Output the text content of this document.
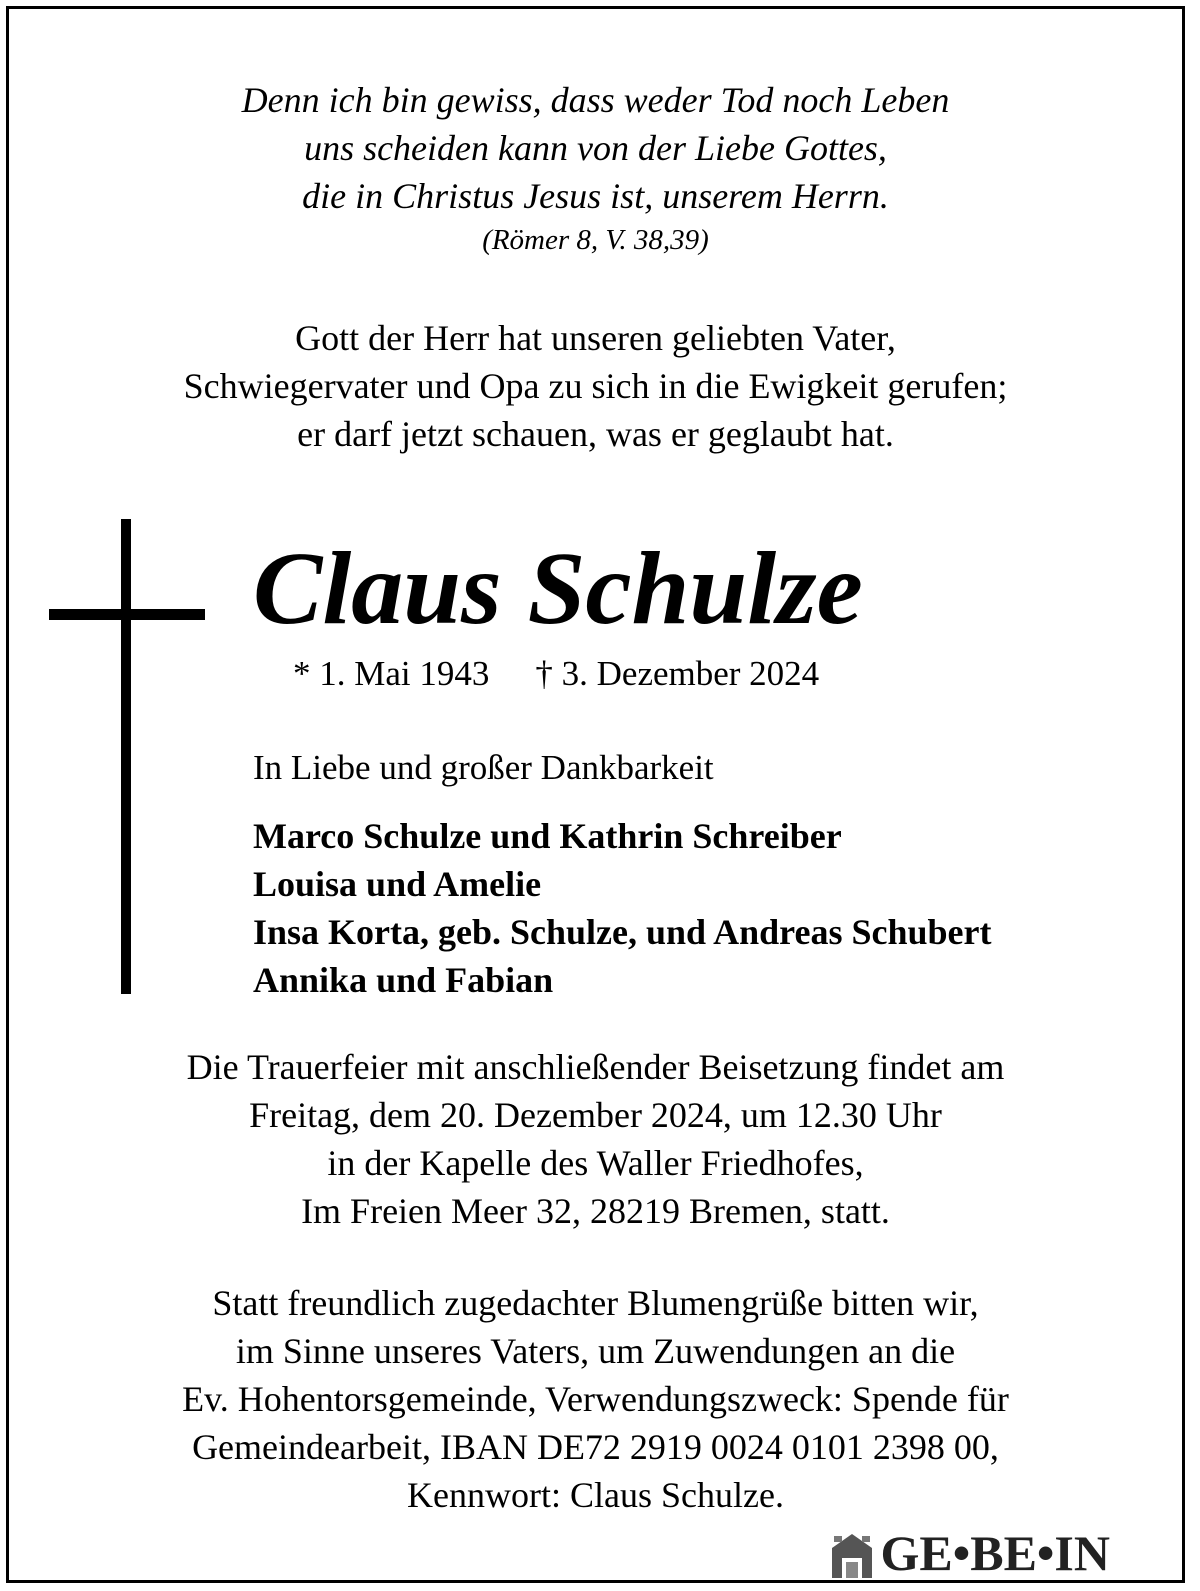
Denn ich bin gewiss, dass weder Tod noch Leben
uns scheiden kann von der Liebe Gottes,
die in Christus Jesus ist, unserem Herrn.
(Römer 8, V. 38,39)
Gott der Herr hat unseren geliebten Vater,
Schwiegervater und Opa zu sich in die Ewigkeit gerufen;
er darf jetzt schauen, was er geglaubt hat.
Claus Schulze
* 1. Mai 1943 † 3. Dezember 2024
In Liebe und großer Dankbarkeit
Marco Schulze und Kathrin Schreiber
Louisa und Amelie
Insa Korta, geb. Schulze, und Andreas Schubert
Annika und Fabian
Die Trauerfeier mit anschließender Beisetzung findet am
Freitag, dem 20. Dezember 2024, um 12.30 Uhr
in der Kapelle des Waller Friedhofes,
Im Freien Meer 32, 28219 Bremen, statt.
Statt freundlich zugedachter Blumengrüße bitten wir,
im Sinne unseres Vaters, um Zuwendungen an die
Ev. Hohentorsgemeinde, Verwendungszweck: Spende für
Gemeindearbeit, IBAN DE72 2919 0024 0101 2398 00,
Kennwort: Claus Schulze.
GE•BE•IN
